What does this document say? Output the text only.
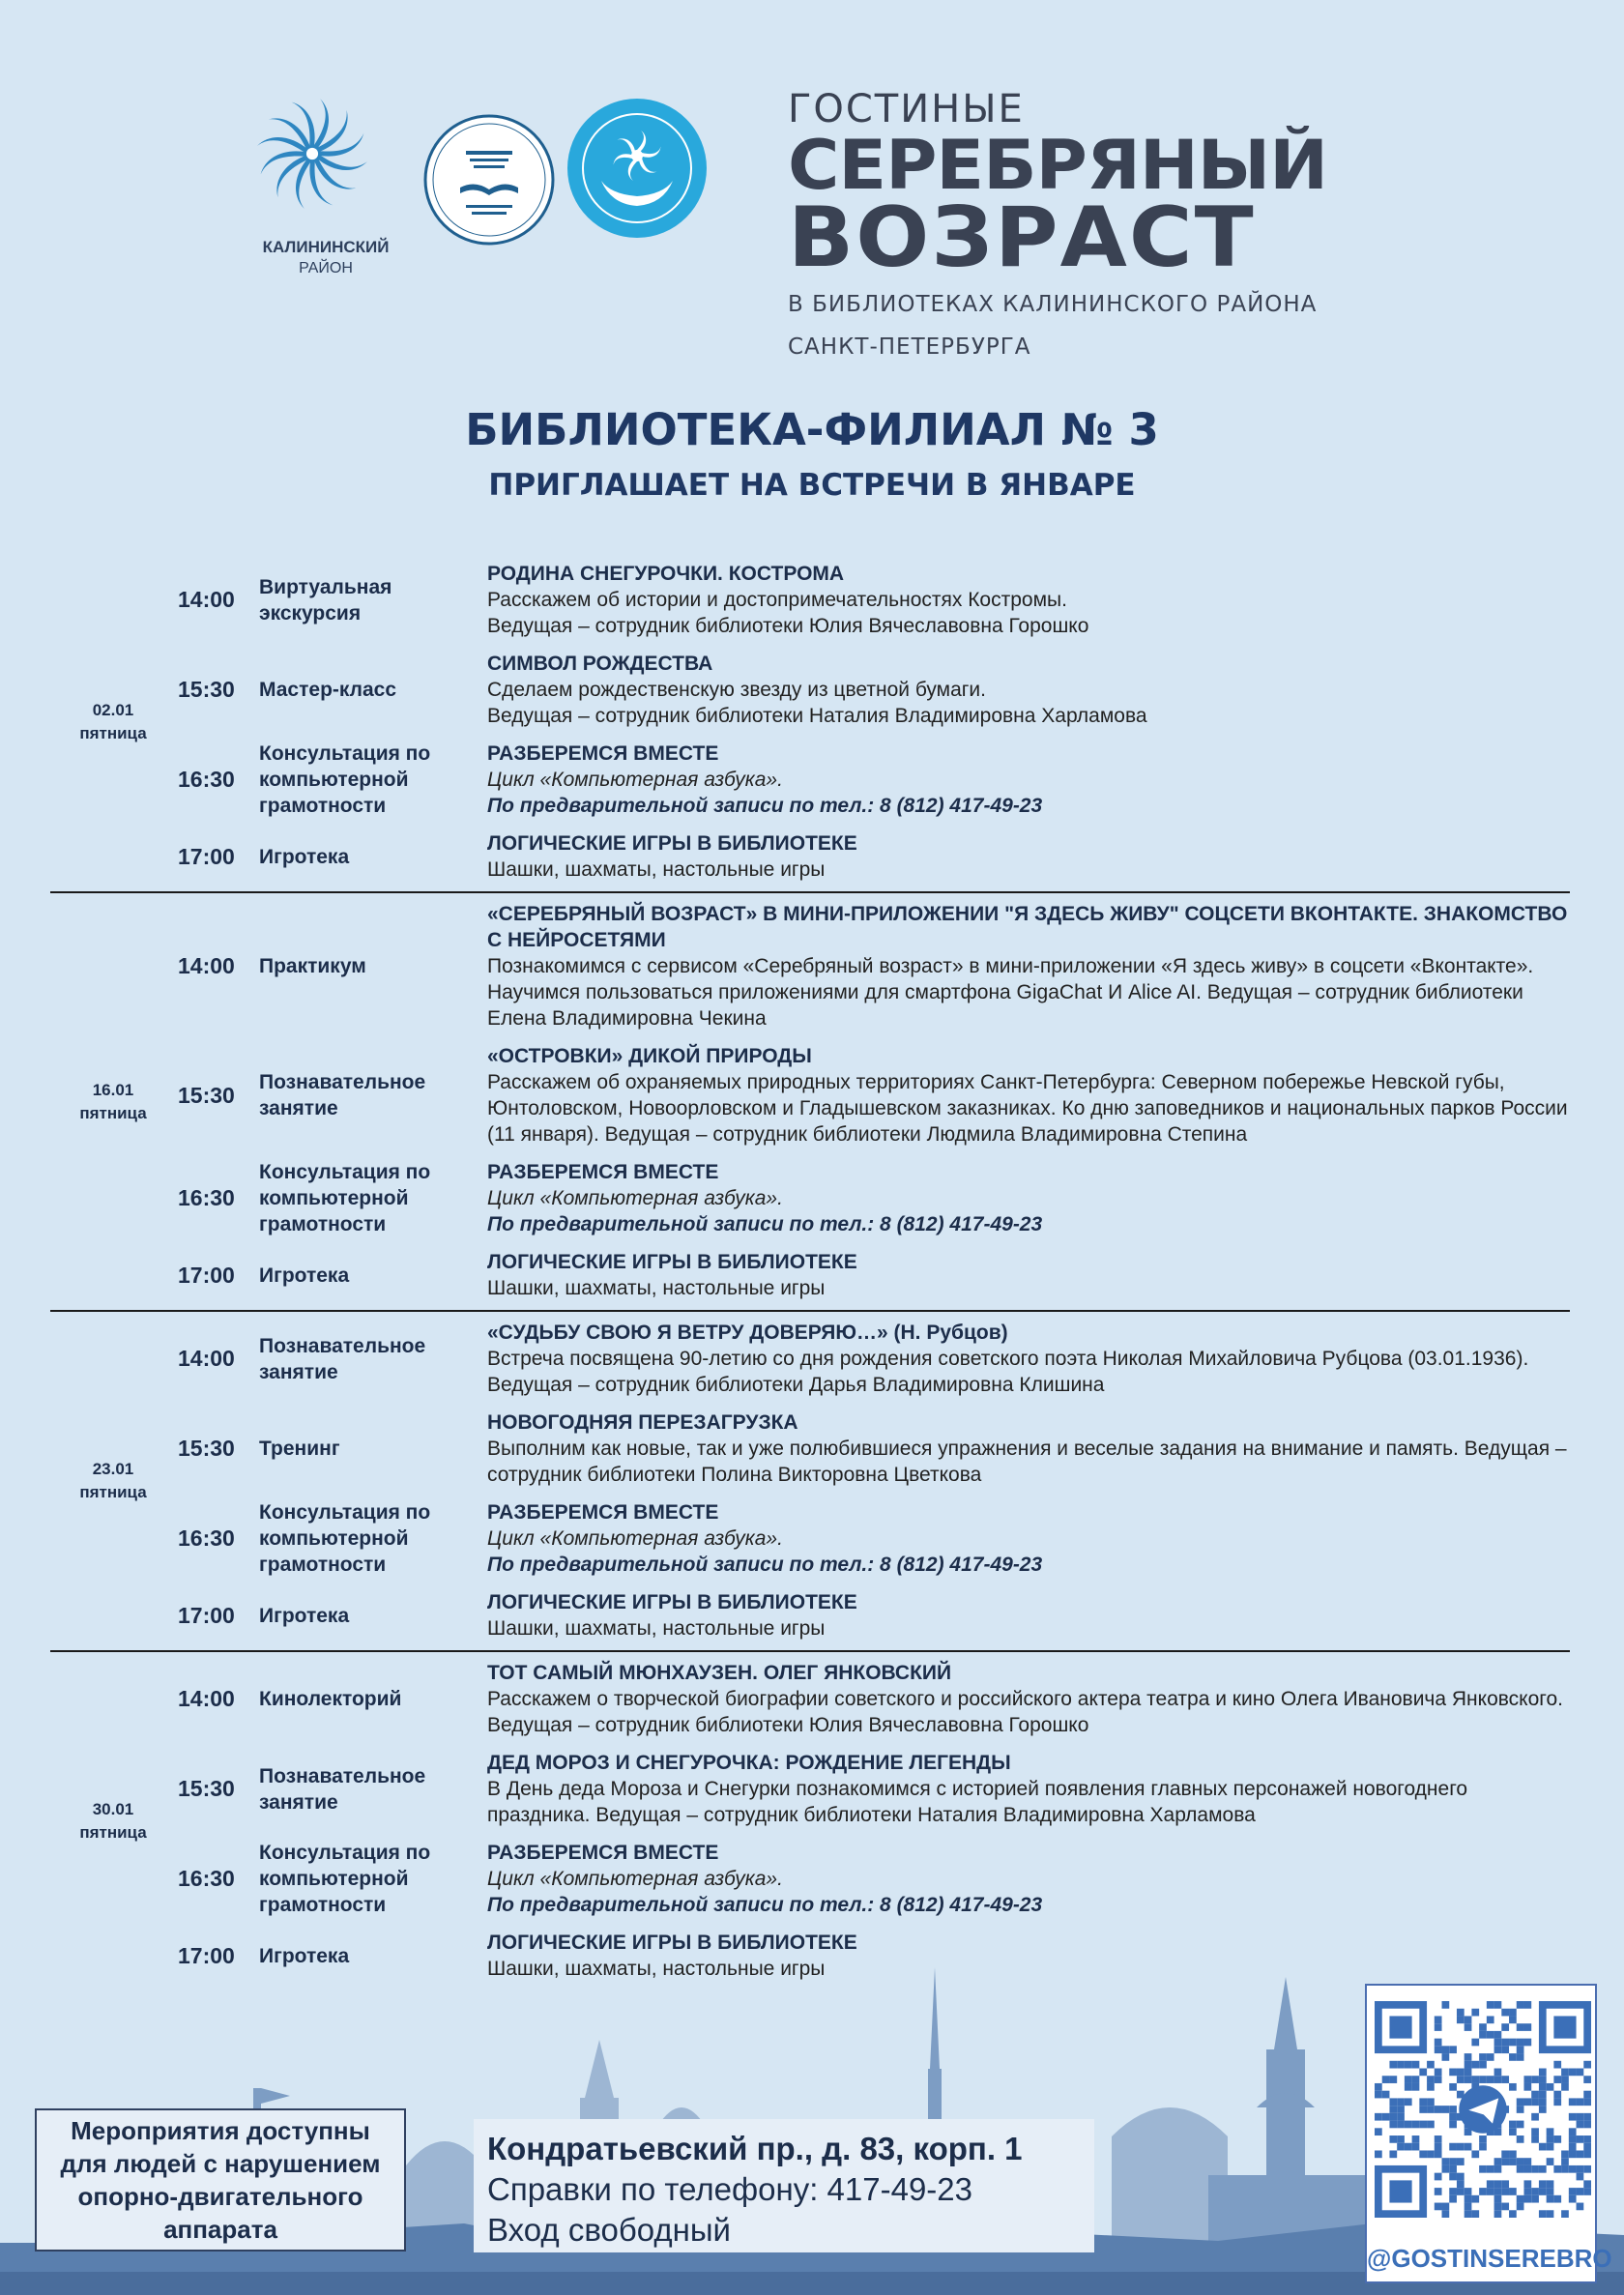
КАЛИНИНСКИЙ
РАЙОН
ГОСТИНЫЕ
СЕРЕБРЯНЫЙ
ВОЗРАСТ
В БИБЛИОТЕКАХ КАЛИНИНСКОГО РАЙОНА
САНКТ-ПЕТЕРБУРГА
БИБЛИОТЕКА-ФИЛИАЛ № 3
ПРИГЛАШАЕТ НА ВСТРЕЧИ В ЯНВАРЕ
02.01
пятница
14:00	Виртуальная экскурсия
РОДИНА СНЕГУРОЧКИ. КОСТРОМА
Расскажем об истории и достопримечательностях Костромы.
Ведущая – сотрудник библиотеки Юлия Вячеславовна Горошко
15:30	Мастер-класс
СИМВОЛ РОЖДЕСТВА
Сделаем рождественскую звезду из цветной бумаги.
Ведущая – сотрудник библиотеки Наталия Владимировна Харламова
16:30
Консультация по компьютерной грамотности
РАЗБЕРЕМСЯ ВМЕСТЕ
Цикл «Компьютерная азбука».
По предварительной записи по тел.: 8 (812) 417-49-23
17:00	Игротека
ЛОГИЧЕСКИЕ ИГРЫ В БИБЛИОТЕКЕ
Шашки, шахматы, настольные игры
16.01
пятница
14:00	Практикум
«СЕРЕБРЯНЫЙ ВОЗРАСТ» В МИНИ-ПРИЛОЖЕНИИ "Я ЗДЕСЬ ЖИВУ" СОЦСЕТИ ВКОНТАКТЕ. ЗНАКОМСТВО С НЕЙРОСЕТЯМИ
Познакомимся с сервисом «Серебряный возраст» в мини-приложении «Я здесь живу» в соцсети «Вконтакте». Научимся пользоваться приложениями для смартфона GigaChat И Alice AI. Ведущая – сотрудник библиотеки Елена Владимировна Чекина
15:30	Познавательное занятие
«ОСТРОВКИ» ДИКОЙ ПРИРОДЫ
Расскажем об охраняемых природных территориях Санкт-Петербурга: Северном побережье Невской губы, Юнтоловском, Новоорловском и Гладышевском заказниках. Ко дню заповедников и национальных парков России (11 января). Ведущая – сотрудник библиотеки Людмила Владимировна Степина
16:30
Консультация по компьютерной грамотности
РАЗБЕРЕМСЯ ВМЕСТЕ
Цикл «Компьютерная азбука».
По предварительной записи по тел.: 8 (812) 417-49-23
17:00	Игротека
ЛОГИЧЕСКИЕ ИГРЫ В БИБЛИОТЕКЕ
Шашки, шахматы, настольные игры
23.01
пятница
14:00	Познавательное занятие
«СУДЬБУ СВОЮ Я ВЕТРУ ДОВЕРЯЮ…» (Н. Рубцов)
Встреча посвящена 90-летию со дня рождения советского поэта Николая Михайловича Рубцова (03.01.1936). Ведущая – сотрудник библиотеки Дарья Владимировна Клишина
15:30	Тренинг
НОВОГОДНЯЯ ПЕРЕЗАГРУЗКА
Выполним как новые, так и уже полюбившиеся упражнения и веселые задания на внимание и память. Ведущая – сотрудник библиотеки Полина Викторовна Цветкова
16:30
Консультация по компьютерной грамотности
РАЗБЕРЕМСЯ ВМЕСТЕ
Цикл «Компьютерная азбука».
По предварительной записи по тел.: 8 (812) 417-49-23
17:00	Игротека
ЛОГИЧЕСКИЕ ИГРЫ В БИБЛИОТЕКЕ
Шашки, шахматы, настольные игры
30.01
пятница
14:00	Кинолекторий
ТОТ САМЫЙ МЮНХАУЗЕН. ОЛЕГ ЯНКОВСКИЙ
Расскажем о творческой биографии советского и российского актера театра и кино Олега Ивановича Янковского. Ведущая – сотрудник библиотеки Юлия Вячеславовна Горошко
15:30	Познавательное занятие
ДЕД МОРОЗ И СНЕГУРОЧКА: РОЖДЕНИЕ ЛЕГЕНДЫ
В День деда Мороза и Снегурки познакомимся с историей появления главных персонажей новогоднего праздника. Ведущая – сотрудник библиотеки Наталия Владимировна Харламова
16:30
Консультация по компьютерной грамотности
РАЗБЕРЕМСЯ ВМЕСТЕ
Цикл «Компьютерная азбука».
По предварительной записи по тел.: 8 (812) 417-49-23
17:00	Игротека
ЛОГИЧЕСКИЕ ИГРЫ В БИБЛИОТЕКЕ
Шашки, шахматы, настольные игры
Мероприятия доступны
для людей с нарушением
опорно-двигательного
аппарата
Кондратьевский пр., д. 83, корп. 1
Справки по телефону: 417-49-23
Вход свободный
@GOSTINSEREBRO
